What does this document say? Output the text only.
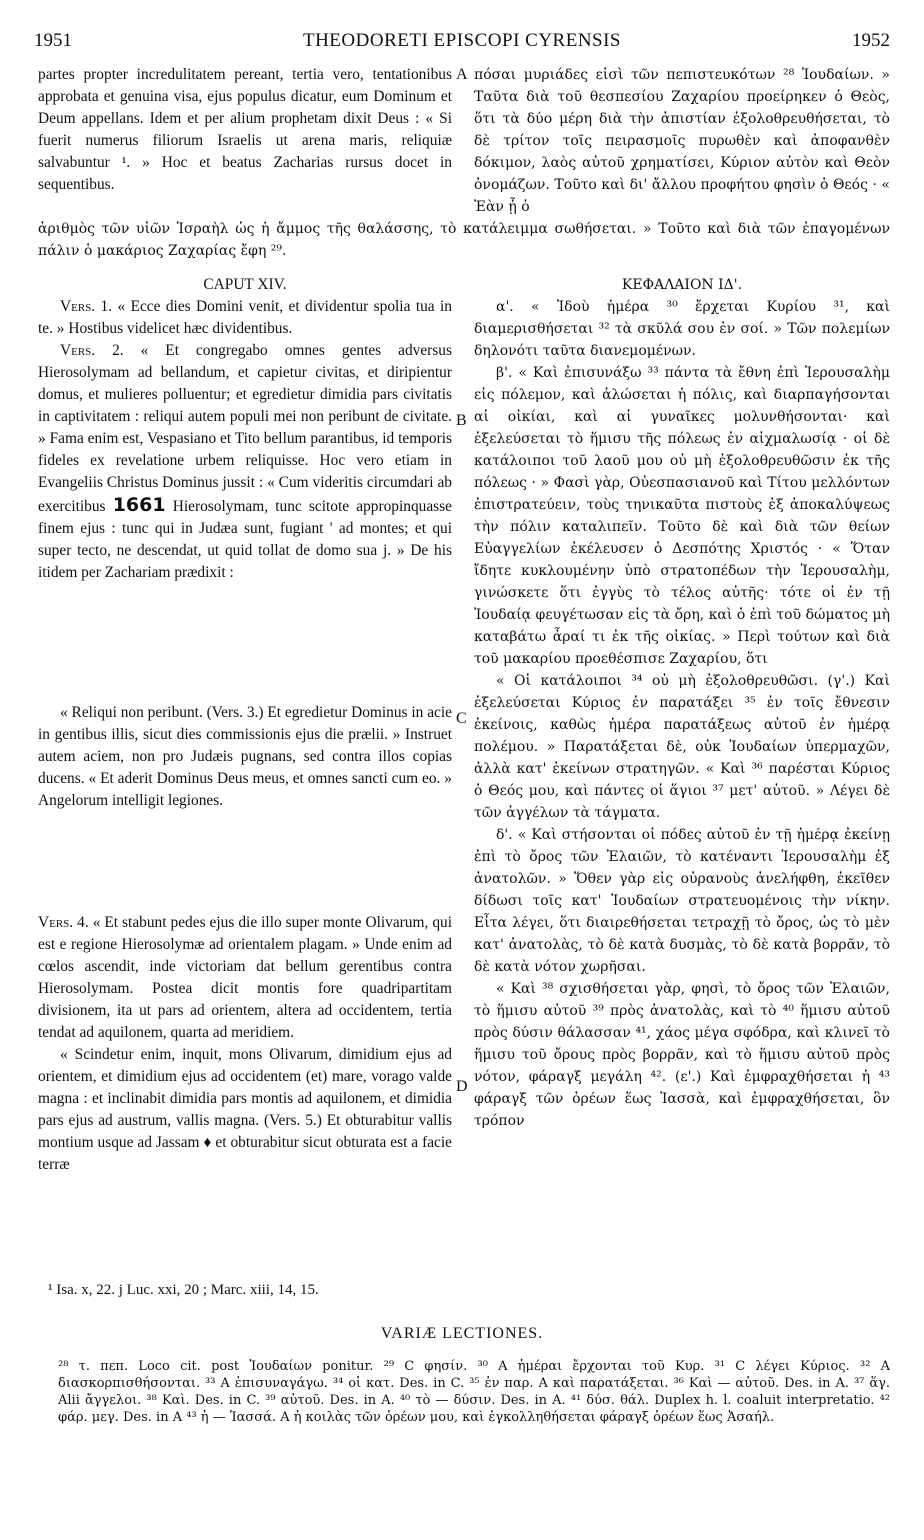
1951	THEODORETI EPISCOPI CYRENSIS	1952

partes propter incredulitatem pereant, tertia vero, tentationibus approbata et genuina visa, ejus populus dicatur, eum Dominum et Deum appellans. Idem et per alium prophetam dixit Deus : « Si fuerit numerus filiorum Israelis ut arena maris, reliquiæ salvabuntur ¹. » Hoc et beatus Zacharias rursus docet in sequentibus.

πόσαι μυριάδες εἰσὶ τῶν πεπιστευκότων ²⁸ Ἰουδαίων. » Ταῦτα διὰ τοῦ θεσπεσίου Ζαχαρίου προείρηκεν ὁ Θεὸς, ὅτι τὰ δύο μέρη διὰ τὴν ἀπιστίαν ἐξολοθρευθήσεται, τὸ δὲ τρίτον τοῖς πειρασμοῖς πυρωθὲν καὶ ἀποφανθὲν δόκιμον, λαὸς αὐτοῦ χρηματίσει, Κύριον αὐτὸν καὶ Θεὸν ὀνομάζων. Τοῦτο καὶ δι' ἄλλου προφήτου φησὶν ὁ Θεός · « Ἐὰν ᾖ ὁ

A

ἀριθμὸς τῶν υἱῶν Ἰσραὴλ ὡς ἡ ἄμμος τῆς θαλάσσης, τὸ κατάλειμμα σωθήσεται. » Τοῦτο καὶ διὰ τῶν ἐπαγομένων πάλιν ὁ μακάριος Ζαχαρίας ἔφη ²⁹.

CAPUT XIV.

Vers. 1. « Ecce dies Domini venit, et dividentur spolia tua in te. » Hostibus videlicet hæc dividentibus.

Vers. 2. « Et congregabo omnes gentes adversus Hierosolymam ad bellandum, et capietur civitas, et diripientur domus, et mulieres polluentur; et egredietur dimidia pars civitatis in captivitatem : reliqui autem populi mei non peribunt de civitate. » Fama enim est, Vespasiano et Tito bellum parantibus, id temporis fideles ex revelatione urbem reliquisse. Hoc vero etiam in Evangeliis Christus Dominus jussit : « Cum videritis circumdari ab exercitibus 1661 Hierosolymam, tunc scitote appropinquasse finem ejus : tunc qui in Judæa sunt, fugiant ' ad montes; et qui super tecto, ne descendat, ut quid tollat de domo sua j. » De his itidem per Zachariam prædixit :

« Reliqui non peribunt. (Vers. 3.) Et egredietur Dominus in acie in gentibus illis, sicut dies commissionis ejus die prælii. » Instruet autem aciem, non pro Judæis pugnans, sed contra illos copias ducens. « Et aderit Dominus Deus meus, et omnes sancti cum eo. » Angelorum intelligit legiones.

Vers. 4. « Et stabunt pedes ejus die illo super monte Olivarum, qui est e regione Hierosolymæ ad orientalem plagam. » Unde enim ad cœlos ascendit, inde victoriam dat bellum gerentibus contra Hierosolymam. Postea dicit montis fore quadripartitam divisionem, ita ut pars ad orientem, altera ad occidentem, tertia tendat ad aquilonem, quarta ad meridiem.

« Scindetur enim, inquit, mons Olivarum, dimidium ejus ad orientem, et dimidium ejus ad occidentem (et) mare, vorago valde magna : et inclinabit dimidia pars montis ad aquilonem, et dimidia pars ejus ad austrum, vallis magna. (Vers. 5.) Et obturabitur vallis montium usque ad Jassam ♦ et obturabitur sicut obturata est a facie terræ

ΚΕΦΑΛΑΙΟΝ ΙΔ'.

α'. « Ἰδοὺ ἡμέρα ³⁰ ἔρχεται Κυρίου ³¹, καὶ διαμερισθήσεται ³² τὰ σκῦλά σου ἐν σοί. » Τῶν πολεμίων δηλονότι ταῦτα διανεμομένων.

β'. « Καὶ ἐπισυνάξω ³³ πάντα τὰ ἔθνη ἐπὶ Ἱερουσαλὴμ εἰς πόλεμον, καὶ ἁλώσεται ἡ πόλις, καὶ διαρπαγήσονται αἱ οἰκίαι, καὶ αἱ γυναῖκες μολυνθήσονται· καὶ ἐξελεύσεται τὸ ἥμισυ τῆς πόλεως ἐν αἰχμαλωσίᾳ · οἱ δὲ κατάλοιποι τοῦ λαοῦ μου οὐ μὴ ἐξολοθρευθῶσιν ἐκ τῆς πόλεως · » Φασὶ γὰρ, Οὐεσπασιανοῦ καὶ Τίτου μελλόντων ἐπιστρατεύειν, τοὺς τηνικαῦτα πιστοὺς ἐξ ἀποκαλύψεως τὴν πόλιν καταλιπεῖν. Τοῦτο δὲ καὶ διὰ τῶν θείων Εὐαγγελίων ἐκέλευσεν ὁ Δεσπότης Χριστός · « Ὅταν ἴδητε κυκλουμένην ὑπὸ στρατοπέδων τὴν Ἱερουσαλὴμ, γινώσκετε ὅτι ἐγγὺς τὸ τέλος αὐτῆς· τότε οἱ ἐν τῇ Ἰουδαίᾳ φευγέτωσαν εἰς τὰ ὄρη, καὶ ὁ ἐπὶ τοῦ δώματος μὴ καταβάτω ἆραί τι ἐκ τῆς οἰκίας. » Περὶ τούτων καὶ διὰ τοῦ μακαρίου προεθέσπισε Ζαχαρίου, ὅτι

« Οἱ κατάλοιποι ³⁴ οὐ μὴ ἐξολοθρευθῶσι. (γ'.) Καὶ ἐξελεύσεται Κύριος ἐν παρατάξει ³⁵ ἐν τοῖς ἔθνεσιν ἐκείνοις, καθὼς ἡμέρα παρατάξεως αὐτοῦ ἐν ἡμέρᾳ πολέμου. » Παρατάξεται δὲ, οὐκ Ἰουδαίων ὑπερμαχῶν, ἀλλὰ κατ' ἐκείνων στρατηγῶν. « Καὶ ³⁶ παρέσται Κύριος ὁ Θεός μου, καὶ πάντες οἱ ἅγιοι ³⁷ μετ' αὐτοῦ. » Λέγει δὲ τῶν ἀγγέλων τὰ τάγματα.

δ'. « Καὶ στήσονται οἱ πόδες αὐτοῦ ἐν τῇ ἡμέρᾳ ἐκείνῃ ἐπὶ τὸ ὄρος τῶν Ἐλαιῶν, τὸ κατέναντι Ἱερουσαλὴμ ἐξ ἀνατολῶν. » Ὅθεν γὰρ εἰς οὐρανοὺς ἀνελήφθη, ἐκεῖθεν δίδωσι τοῖς κατ' Ἰουδαίων στρατευομένοις τὴν νίκην. Εἶτα λέγει, ὅτι διαιρεθήσεται τετραχῇ τὸ ὄρος, ὡς τὸ μὲν κατ' ἀνατολὰς, τὸ δὲ κατὰ δυσμὰς, τὸ δὲ κατὰ βορρᾶν, τὸ δὲ κατὰ νότον χωρῆσαι.

« Καὶ ³⁸ σχισθήσεται γὰρ, φησὶ, τὸ ὄρος τῶν Ἐλαιῶν, τὸ ἥμισυ αὐτοῦ ³⁹ πρὸς ἀνατολὰς, καὶ τὸ ⁴⁰ ἥμισυ αὐτοῦ πρὸς δύσιν θάλασσαν ⁴¹, χάος μέγα σφόδρα, καὶ κλινεῖ τὸ ἥμισυ τοῦ ὄρους πρὸς βορρᾶν, καὶ τὸ ἥμισυ αὐτοῦ πρὸς νότον, φάραγξ μεγάλη ⁴². (ε'.) Καὶ ἐμφραχθήσεται ἡ ⁴³ φάραγξ τῶν ὀρέων ἕως Ἰασσὰ, καὶ ἐμφραχθήσεται, ὃν τρόπον

B
C
D
¹ Isa. x, 22. j Luc. xxi, 20 ; Marc. xiii, 14, 15.
VARIÆ LECTIONES.
²⁸ τ. πεπ. Loco cit. post Ἰουδαίων ponitur. ²⁹ C φησίν. ³⁰ A ἡμέραι ἔρχονται τοῦ Κυρ. ³¹ C λέγει Κύριος. ³² A διασκορπισθήσονται. ³³ A ἐπισυναγάγω. ³⁴ οἱ κατ. Des. in C. ³⁵ ἐν παρ. A καὶ παρατάξεται. ³⁶ Καὶ — αὐτοῦ. Des. in A. ³⁷ ἅγ. Alii ἄγγελοι. ³⁸ Καὶ. Des. in C. ³⁹ αὐτοῦ. Des. in A. ⁴⁰ τὸ — δύσιν. Des. in A. ⁴¹ δύσ. θάλ. Duplex h. l. coaluit interpretatio. ⁴² φάρ. μεγ. Des. in A ⁴³ ἡ — Ἰασσά. A ἡ κοιλὰς τῶν ὀρέων μου, καὶ ἐγκολληθήσεται φάραγξ ὀρέων ἕως Ἀσαήλ.
